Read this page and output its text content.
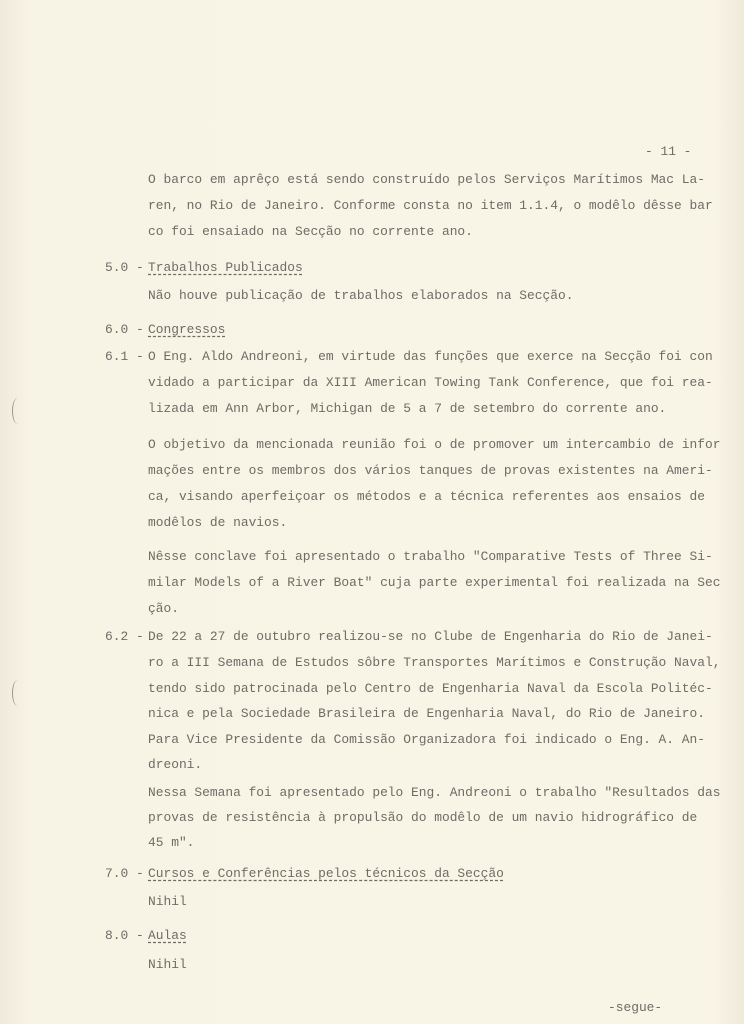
- 11 -
O barco em aprêço está sendo construído pelos Serviços Marítimos Mac La-
ren, no Rio de Janeiro. Conforme consta no item 1.1.4, o modêlo dêsse bar
co foi ensaiado na Secção no corrente ano.
5.0 - Trabalhos Publicados
Não houve publicação de trabalhos elaborados na Secção.
6.0 - Congressos
6.1 - O Eng. Aldo Andreoni, em virtude das funções que exerce na Secção foi con
vidado a participar da XIII American Towing Tank Conference, que foi rea-
lizada em Ann Arbor, Michigan de 5 a 7 de setembro do corrente ano.
O objetivo da mencionada reunião foi o de promover um intercambio de infor
mações entre os membros dos vários tanques de provas existentes na Ameri-
ca, visando aperfeiçoar os métodos e a técnica referentes aos ensaios de
modêlos de navios.
Nêsse conclave foi apresentado o trabalho "Comparative Tests of Three Si-
milar Models of a River Boat" cuja parte experimental foi realizada na Sec
ção.
6.2 - De 22 a 27 de outubro realizou-se no Clube de Engenharia do Rio de Janei-
ro a III Semana de Estudos sôbre Transportes Marítimos e Construção Naval,
tendo sido patrocinada pelo Centro de Engenharia Naval da Escola Politéc-
nica e pela Sociedade Brasileira de Engenharia Naval, do Rio de Janeiro.
Para Vice Presidente da Comissão Organizadora foi indicado o Eng. A. An-
dreoni.
Nessa Semana foi apresentado pelo Eng. Andreoni o trabalho "Resultados das
provas de resistência à propulsão do modêlo de um navio hidrográfico de
45 m".
7.0 - Cursos e Conferências pelos técnicos da Secção
Nihil
8.0 - Aulas
Nihil
-segue-
